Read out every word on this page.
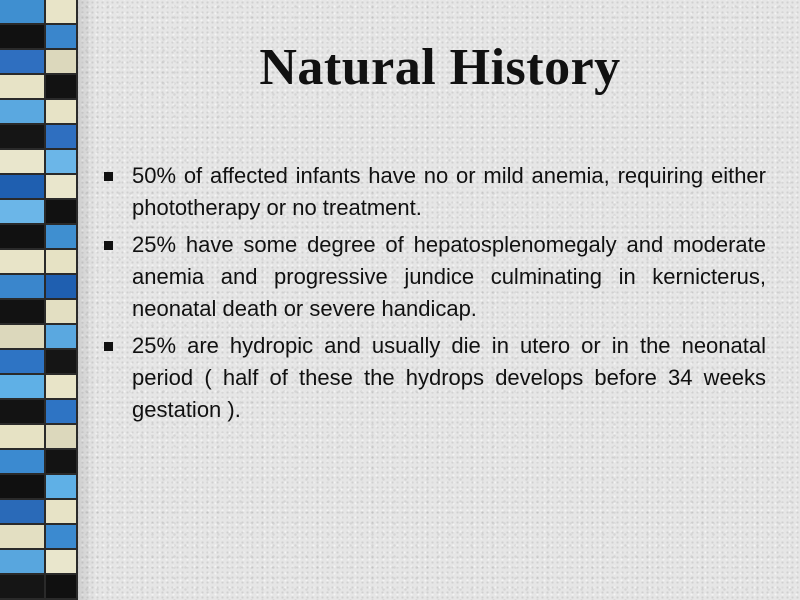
Natural History
50% of affected infants have no or mild anemia, requiring either phototherapy or no treatment.
25% have some degree of hepatosplenomegaly and moderate anemia and progressive jundice culminating in kernicterus, neonatal death or severe handicap.
25% are hydropic and usually die in utero or in the neonatal period ( half of these the hydrops develops before 34 weeks gestation ).
